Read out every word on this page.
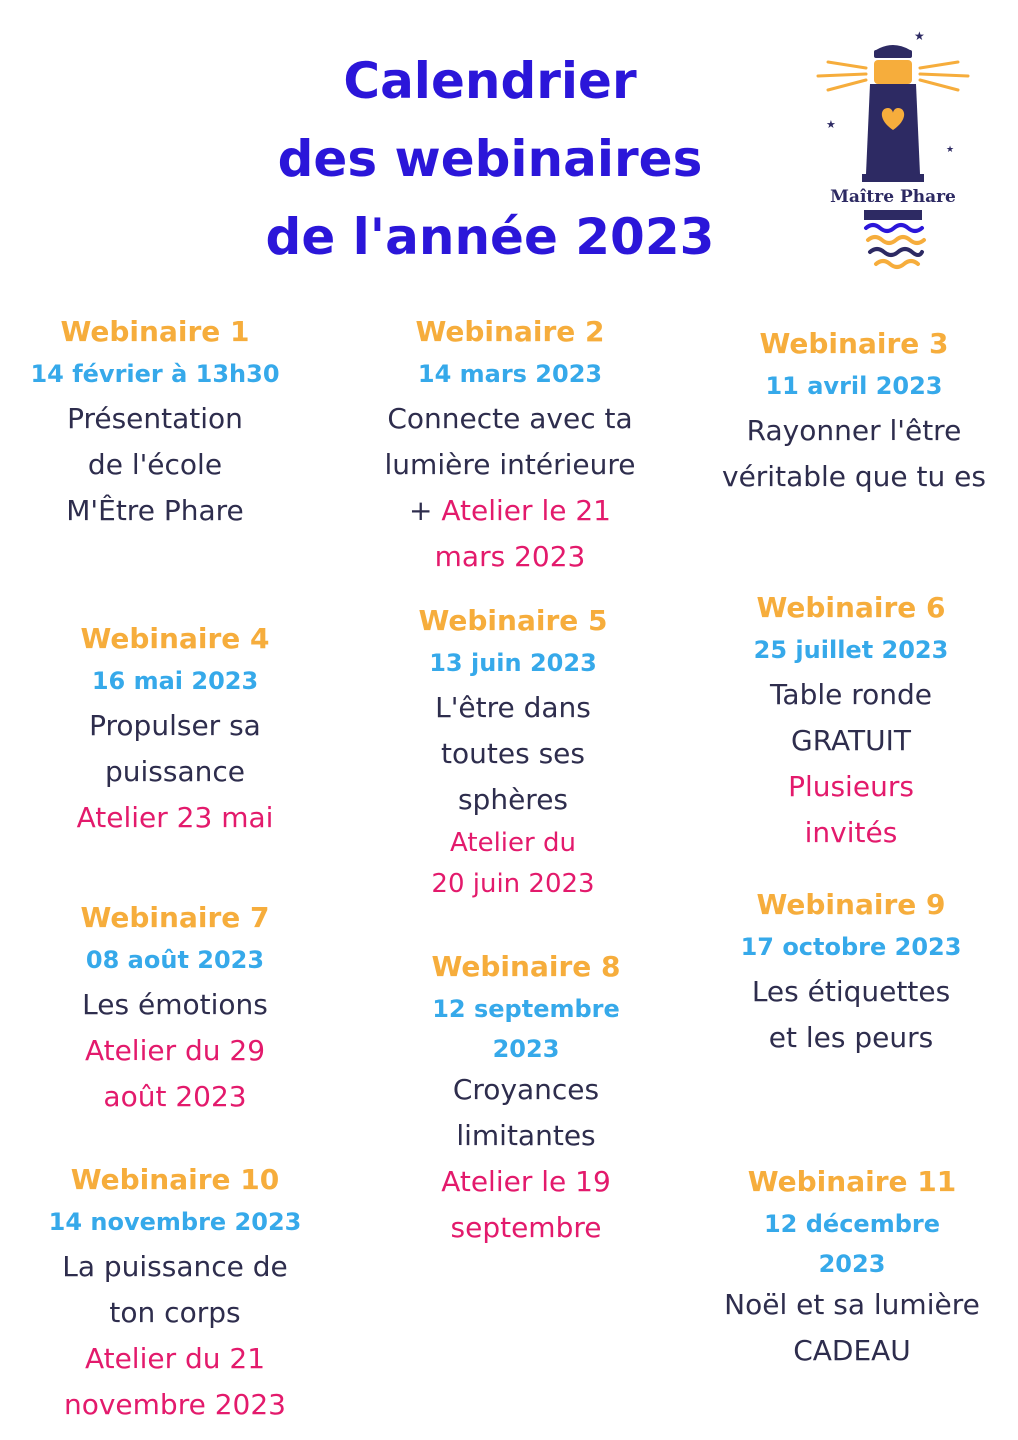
Calendrier
des webinaires
de l'année 2023
★
★
★
Maître Phare
Webinaire 1
14 février à 13h30
Présentation
de l'école
M'Être Phare
Webinaire 2
14 mars 2023
Connecte avec ta
lumière intérieure
+ Atelier le 21
mars 2023
Webinaire 3
11 avril 2023
Rayonner l'être
véritable que tu es
Webinaire 4
16 mai 2023
Propulser sa
puissance
Atelier 23 mai
Webinaire 5
13 juin 2023
L'être dans
toutes ses
sphères
Atelier du
20 juin 2023
Webinaire 6
25 juillet 2023
Table ronde
GRATUIT
Plusieurs
invités
Webinaire 7
08 août 2023
Les émotions
Atelier du 29
août 2023
Webinaire 8
12 septembre
2023
Croyances
limitantes
Atelier le 19
septembre
Webinaire 9
17 octobre 2023
Les étiquettes
et les peurs
Webinaire 10
14 novembre 2023
La puissance de
ton corps
Atelier du 21
novembre 2023
Webinaire 11
12 décembre
2023
Noël et sa lumière
CADEAU
